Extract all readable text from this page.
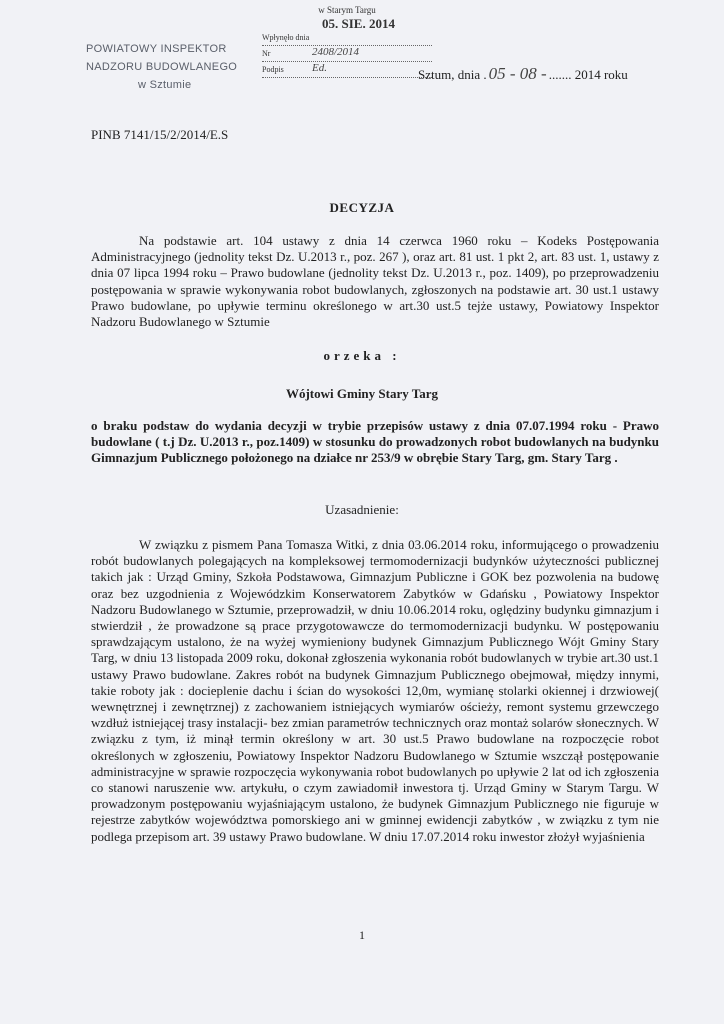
w Starym Targu
05. SIE. 2014
Wpłynęło dnia
Nr	2408/2014
Podpis	Ed.
POWIATOWY INSPEKTOR
NADZORU BUDOWLANEGO
w Sztumie
Sztum, dnia . 05 - 08 - ....... 2014 roku
PINB 7141/15/2/2014/E.S
DECYZJA
Na podstawie art. 104 ustawy z dnia 14 czerwca 1960 roku – Kodeks Postępowania Administracyjnego (jednolity tekst Dz. U.2013 r., poz. 267 ), oraz art. 81 ust. 1 pkt 2, art. 83 ust. 1, ustawy z dnia 07 lipca 1994 roku – Prawo budowlane (jednolity tekst Dz. U.2013 r., poz. 1409), po przeprowadzeniu postępowania w sprawie wykonywania robot budowlanych, zgłoszonych na podstawie art. 30 ust.1 ustawy Prawo budowlane, po upływie terminu określonego w art.30 ust.5 tejże ustawy, Powiatowy Inspektor Nadzoru Budowlanego w Sztumie
orzeka :
Wójtowi Gminy Stary Targ
o braku podstaw do wydania decyzji w trybie przepisów ustawy z dnia 07.07.1994 roku - Prawo budowlane ( t.j Dz. U.2013 r., poz.1409) w stosunku do prowadzonych robot budowlanych na budynku Gimnazjum Publicznego położonego na działce nr 253/9 w obrębie Stary Targ, gm. Stary Targ .
Uzasadnienie:
W związku z pismem Pana Tomasza Witki, z dnia 03.06.2014 roku, informującego o prowadzeniu robót budowlanych polegających na kompleksowej termomodernizacji budynków użyteczności publicznej takich jak : Urząd Gminy, Szkoła Podstawowa, Gimnazjum Publiczne i GOK bez pozwolenia na budowę oraz bez uzgodnienia z Wojewódzkim Konserwatorem Zabytków w Gdańsku , Powiatowy Inspektor Nadzoru Budowlanego w Sztumie, przeprowadził, w dniu 10.06.2014 roku, oględziny budynku gimnazjum i stwierdził , że prowadzone są prace przygotowawcze do termomodernizacji budynku. W postępowaniu sprawdzającym ustalono, że na wyżej wymieniony budynek Gimnazjum Publicznego Wójt Gminy Stary Targ, w dniu 13 listopada 2009 roku, dokonał zgłoszenia wykonania robót budowlanych w trybie art.30 ust.1 ustawy Prawo budowlane. Zakres robót na budynek Gimnazjum Publicznego obejmował, między innymi, takie roboty jak : docieplenie dachu i ścian do wysokości 12,0m, wymianę stolarki okiennej i drzwiowej( wewnętrznej i zewnętrznej) z zachowaniem istniejących wymiarów ościeży, remont systemu grzewczego wzdłuż istniejącej trasy instalacji- bez zmian parametrów technicznych oraz montaż solarów słonecznych. W związku z tym, iż minął termin określony w art. 30 ust.5 Prawo budowlane na rozpoczęcie robot określonych w zgłoszeniu, Powiatowy Inspektor Nadzoru Budowlanego w Sztumie wszczął postępowanie administracyjne w sprawie rozpoczęcia wykonywania robot budowlanych po upływie 2 lat od ich zgłoszenia co stanowi naruszenie ww. artykułu, o czym zawiadomił inwestora tj. Urząd Gminy w Starym Targu. W prowadzonym postępowaniu wyjaśniającym ustalono, że budynek Gimnazjum Publicznego nie figuruje w rejestrze zabytków województwa pomorskiego ani w gminnej ewidencji zabytków , w związku z tym nie podlega przepisom art. 39 ustawy Prawo budowlane. W dniu 17.07.2014 roku inwestor złożył wyjaśnienia
1
